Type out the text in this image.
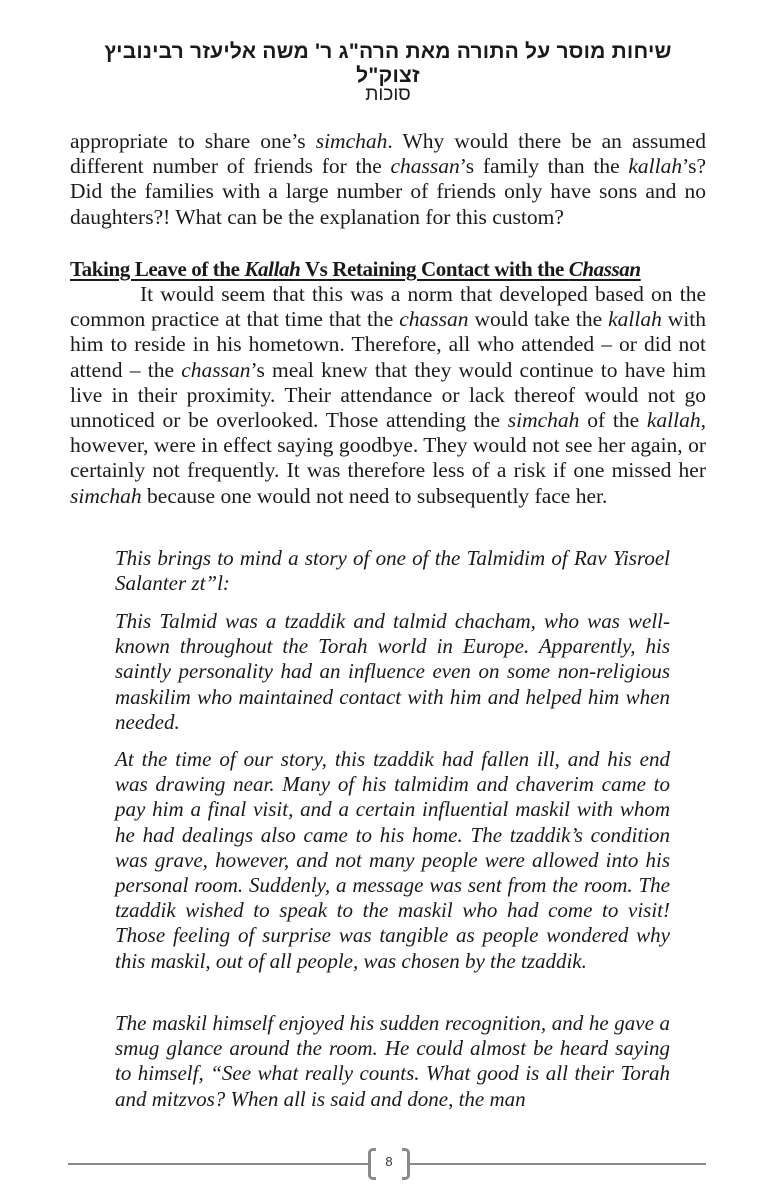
שיחות מוסר על התורה מאת הרה"ג ר' משה אליעזר רבינוביץ זצוק"ל
סוכות

appropriate to share one’s simchah. Why would there be an assumed different number of friends for the chassan’s family than the kallah’s? Did the families with a large number of friends only have sons and no daughters?! What can be the explanation for this custom?

Taking Leave of the Kallah Vs Retaining Contact with the Chassan

It would seem that this was a norm that developed based on the common practice at that time that the chassan would take the kallah with him to reside in his hometown. Therefore, all who attended – or did not attend – the chassan’s meal knew that they would continue to have him live in their proximity. Their attendance or lack thereof would not go unnoticed or be overlooked. Those attending the simchah of the kallah, however, were in effect saying goodbye. They would not see her again, or certainly not frequently. It was therefore less of a risk if one missed her simchah because one would not need to subsequently face her.

This brings to mind a story of one of the Talmidim of Rav Yisroel Salanter zt”l:

This Talmid was a tzaddik and talmid chacham, who was well-known throughout the Torah world in Europe. Apparently, his saintly personality had an influence even on some non-religious maskilim who maintained contact with him and helped him when needed.

At the time of our story, this tzaddik had fallen ill, and his end was drawing near. Many of his talmidim and chaverim came to pay him a final visit, and a certain influential maskil with whom he had dealings also came to his home. The tzaddik’s condition was grave, however, and not many people were allowed into his personal room. Suddenly, a message was sent from the room. The tzaddik wished to speak to the maskil who had come to visit! Those feeling of surprise was tangible as people wondered why this maskil, out of all people, was chosen by the tzaddik.

The maskil himself enjoyed his sudden recognition, and he gave a smug glance around the room. He could almost be heard saying to himself, “See what really counts. What good is all their Torah and mitzvos? When all is said and done, the man

8
